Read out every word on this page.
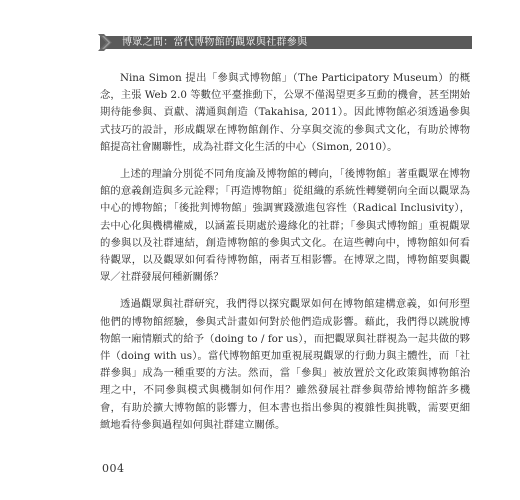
博眾之間：當代博物館的觀眾與社群參與

Nina Simon 提出「參與式博物館」（The Participatory Museum）的概念，主張 Web 2.0 等數位平臺推動下，公眾不僅渴望更多互動的機會，甚至開始期待能參與、貢獻、溝通與創造（Takahisa, 2011）。因此博物館必須透過參與式技巧的設計，形成觀眾在博物館創作、分享與交流的參與式文化，有助於博物館提高社會關聯性，成為社群文化生活的中心（Simon, 2010）。

上述的理論分別從不同角度論及博物館的轉向，「後博物館」著重觀眾在博物館的意義創造與多元詮釋；「再造博物館」從組織的系統性轉變朝向全面以觀眾為中心的博物館；「後批判博物館」強調實踐激進包容性（Radical Inclusivity），去中心化與機構權威，以涵蓋長期處於邊緣化的社群；「參與式博物館」重視觀眾的參與以及社群連結，創造博物館的參與式文化。在這些轉向中，博物館如何看待觀眾，以及觀眾如何看待博物館，兩者互相影響。在博眾之間，博物館要與觀眾／社群發展何種新關係？

透過觀眾與社群研究，我們得以探究觀眾如何在博物館建構意義，如何形塑他們的博物館經驗，參與式計畫如何對於他們造成影響。藉此，我們得以跳脫博物館一廂情願式的給予（doing to / for us），而把觀眾與社群視為一起共做的夥伴（doing with us）。當代博物館更加重視展現觀眾的行動力與主體性，而「社群參與」成為一種重要的方法。然而，當「參與」被放置於文化政策與博物館治理之中，不同參與模式與機制如何作用？雖然發展社群參與帶給博物館許多機會，有助於擴大博物館的影響力，但本書也指出參與的複雜性與挑戰，需要更細緻地看待參與過程如何與社群建立關係。

004
